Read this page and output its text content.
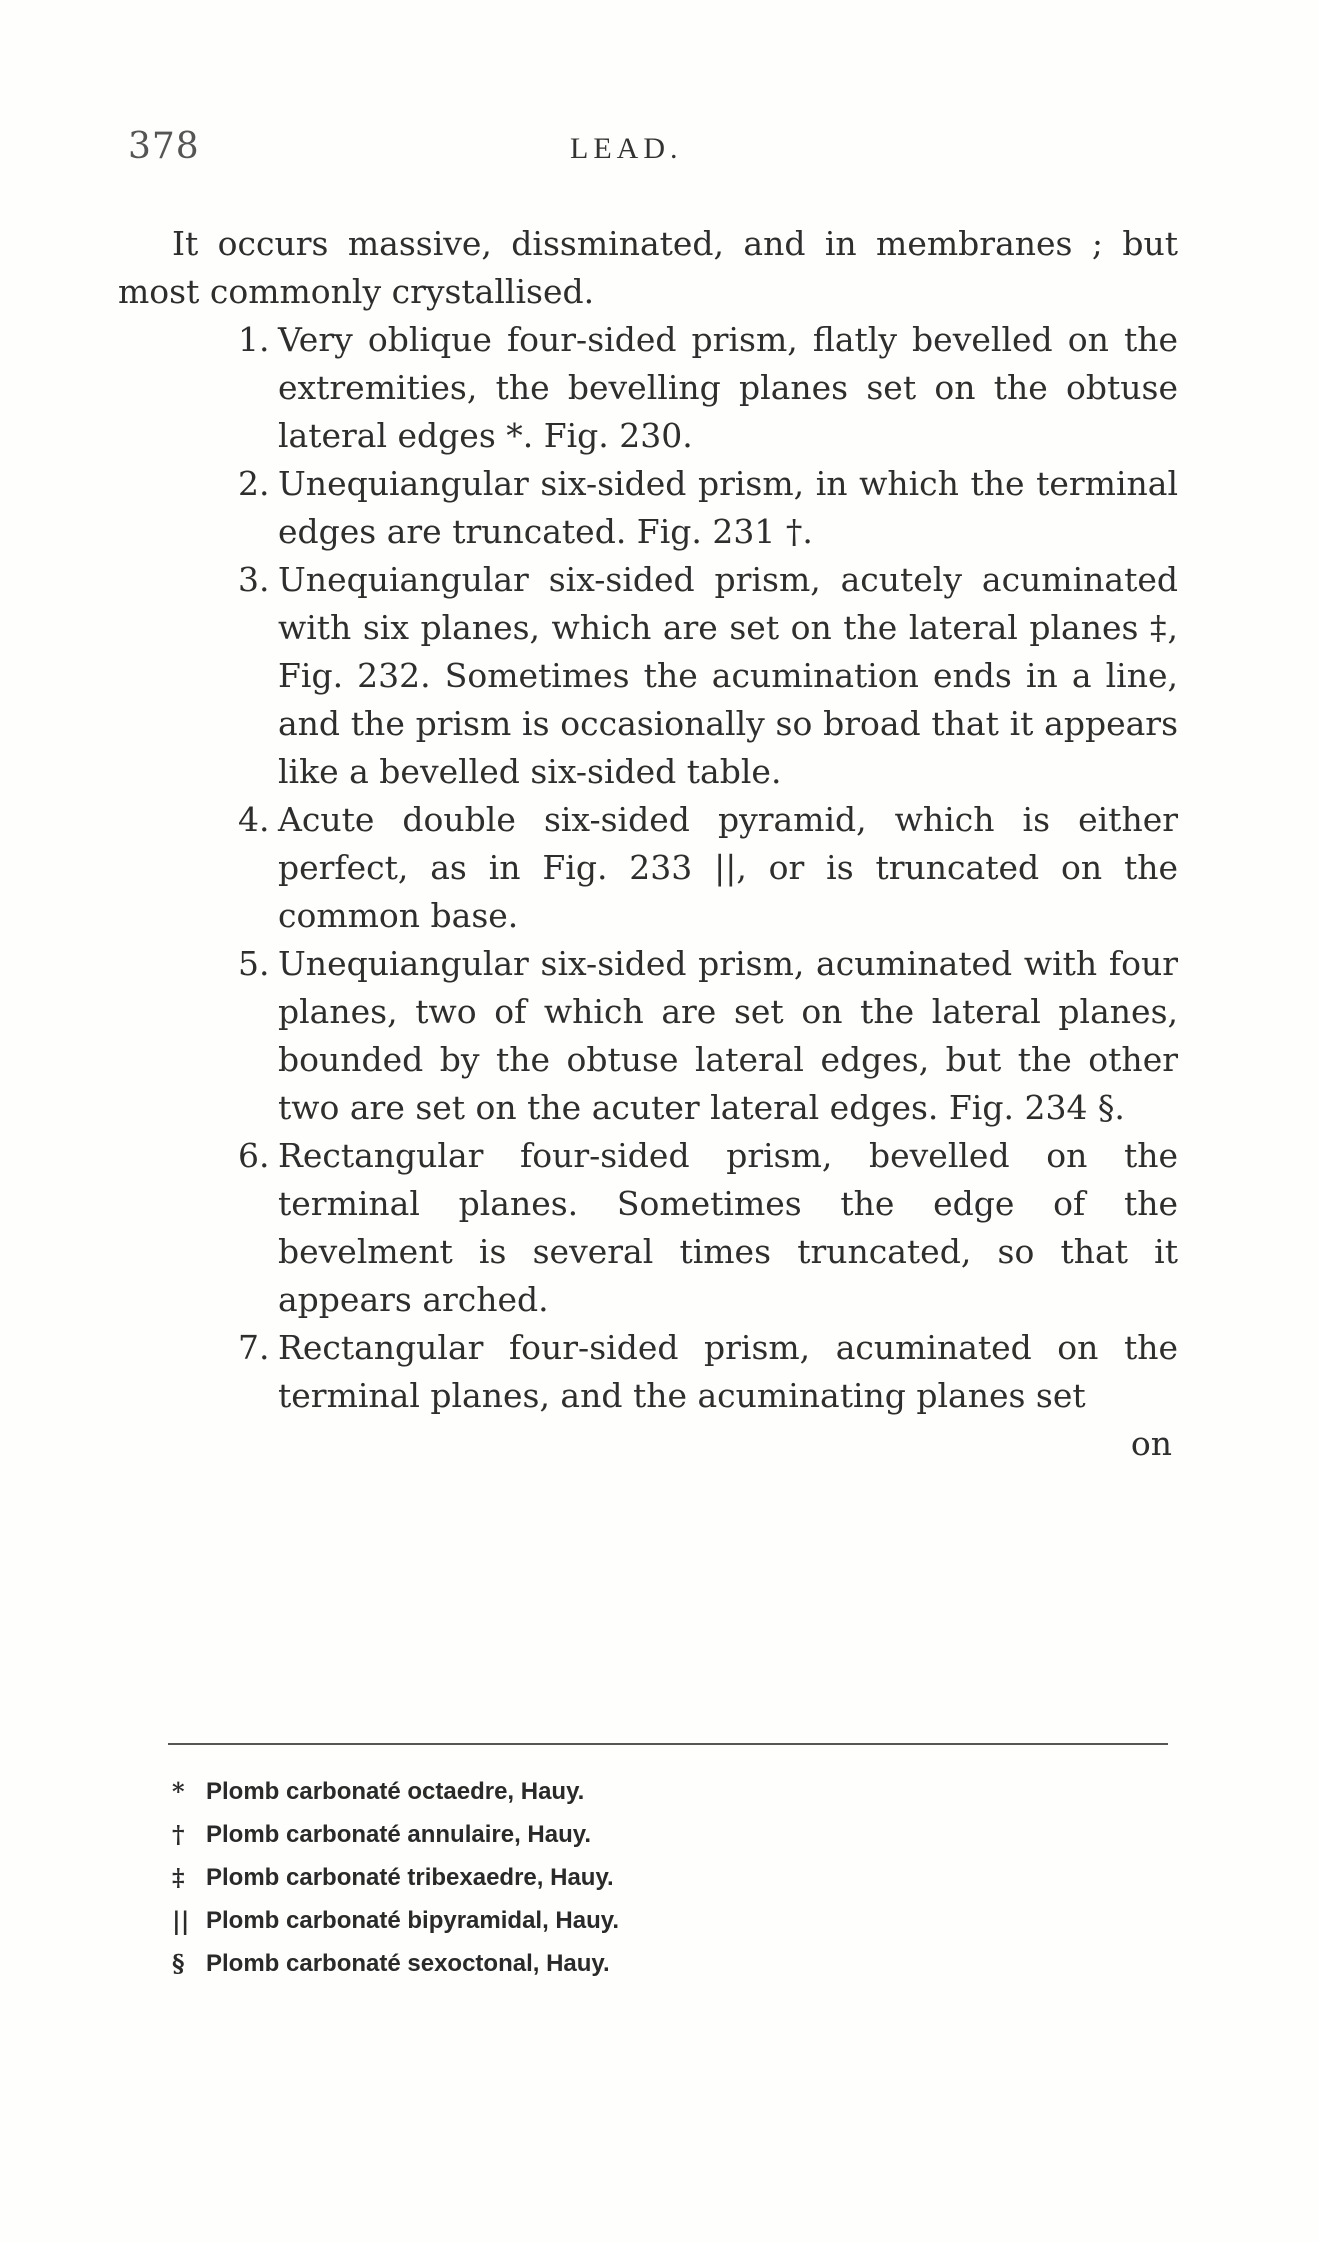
378	LEAD.

It occurs massive, dissminated, and in membranes ; but most commonly crystallised.

1. Very oblique four-sided prism, flatly bevelled on the extremities, the bevelling planes set on the obtuse lateral edges *. Fig. 230.
2. Unequiangular six-sided prism, in which the terminal edges are truncated. Fig. 231 †.
3. Unequiangular six-sided prism, acutely acuminated with six planes, which are set on the lateral planes ‡, Fig. 232. Sometimes the acumination ends in a line, and the prism is occasionally so broad that it appears like a bevelled six-sided table.
4. Acute double six-sided pyramid, which is either perfect, as in Fig. 233 ||, or is truncated on the common base.
5. Unequiangular six-sided prism, acuminated with four planes, two of which are set on the lateral planes, bounded by the obtuse lateral edges, but the other two are set on the acuter lateral edges. Fig. 234 §.
6. Rectangular four-sided prism, bevelled on the terminal planes. Sometimes the edge of the bevelment is several times truncated, so that it appears arched.
7. Rectangular four-sided prism, acuminated on the terminal planes, and the acuminating planes set

on

* Plomb carbonaté octaedre, Hauy.
† Plomb carbonaté annulaire, Hauy.
‡ Plomb carbonaté tribexaedre, Hauy.
|| Plomb carbonaté bipyramidal, Hauy.
§ Plomb carbonaté sexoctonal, Hauy.
